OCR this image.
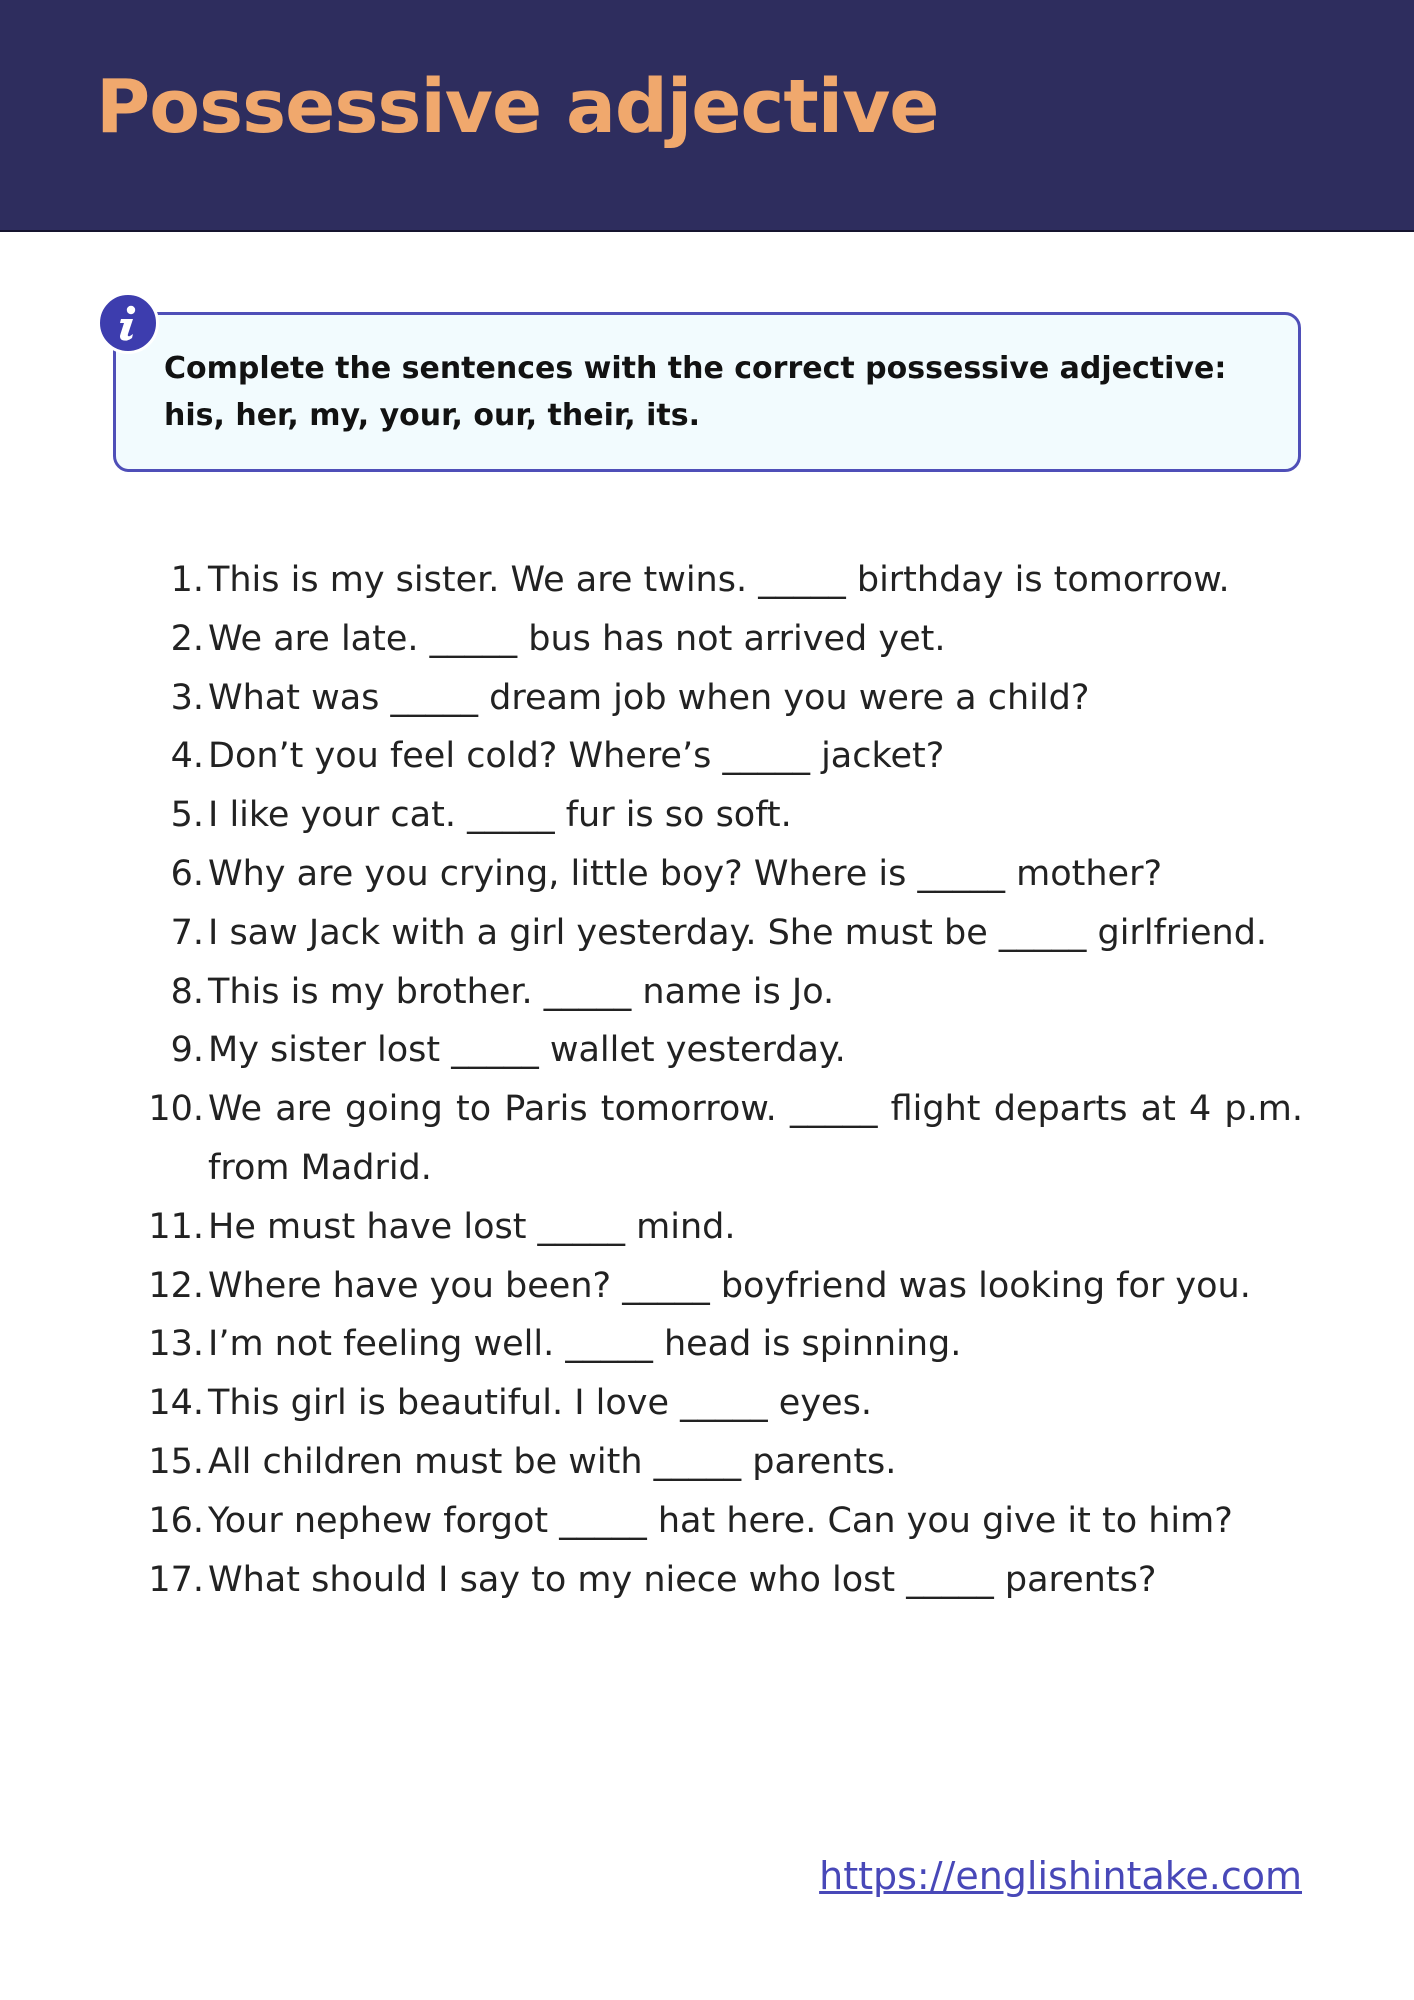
Possessive adjective

Complete the sentences with the correct possessive adjective: his, her, my, your, our, their, its.

1. This is my sister. We are twins. _____ birthday is tomorrow.
2. We are late. _____ bus has not arrived yet.
3. What was _____ dream job when you were a child?
4. Don’t you feel cold? Where’s _____ jacket?
5. I like your cat. _____ fur is so soft.
6. Why are you crying, little boy? Where is _____ mother?
7. I saw Jack with a girl yesterday. She must be _____ girlfriend.
8. This is my brother. _____ name is Jo.
9. My sister lost _____ wallet yesterday.
10. We are going to Paris tomorrow. _____ flight departs at 4 p.m. from Madrid.
11. He must have lost _____ mind.
12. Where have you been? _____ boyfriend was looking for you.
13. I’m not feeling well. _____ head is spinning.
14. This girl is beautiful. I love _____ eyes.
15. All children must be with _____ parents.
16. Your nephew forgot _____ hat here. Can you give it to him?
17. What should I say to my niece who lost _____ parents?
https://englishintake.com
